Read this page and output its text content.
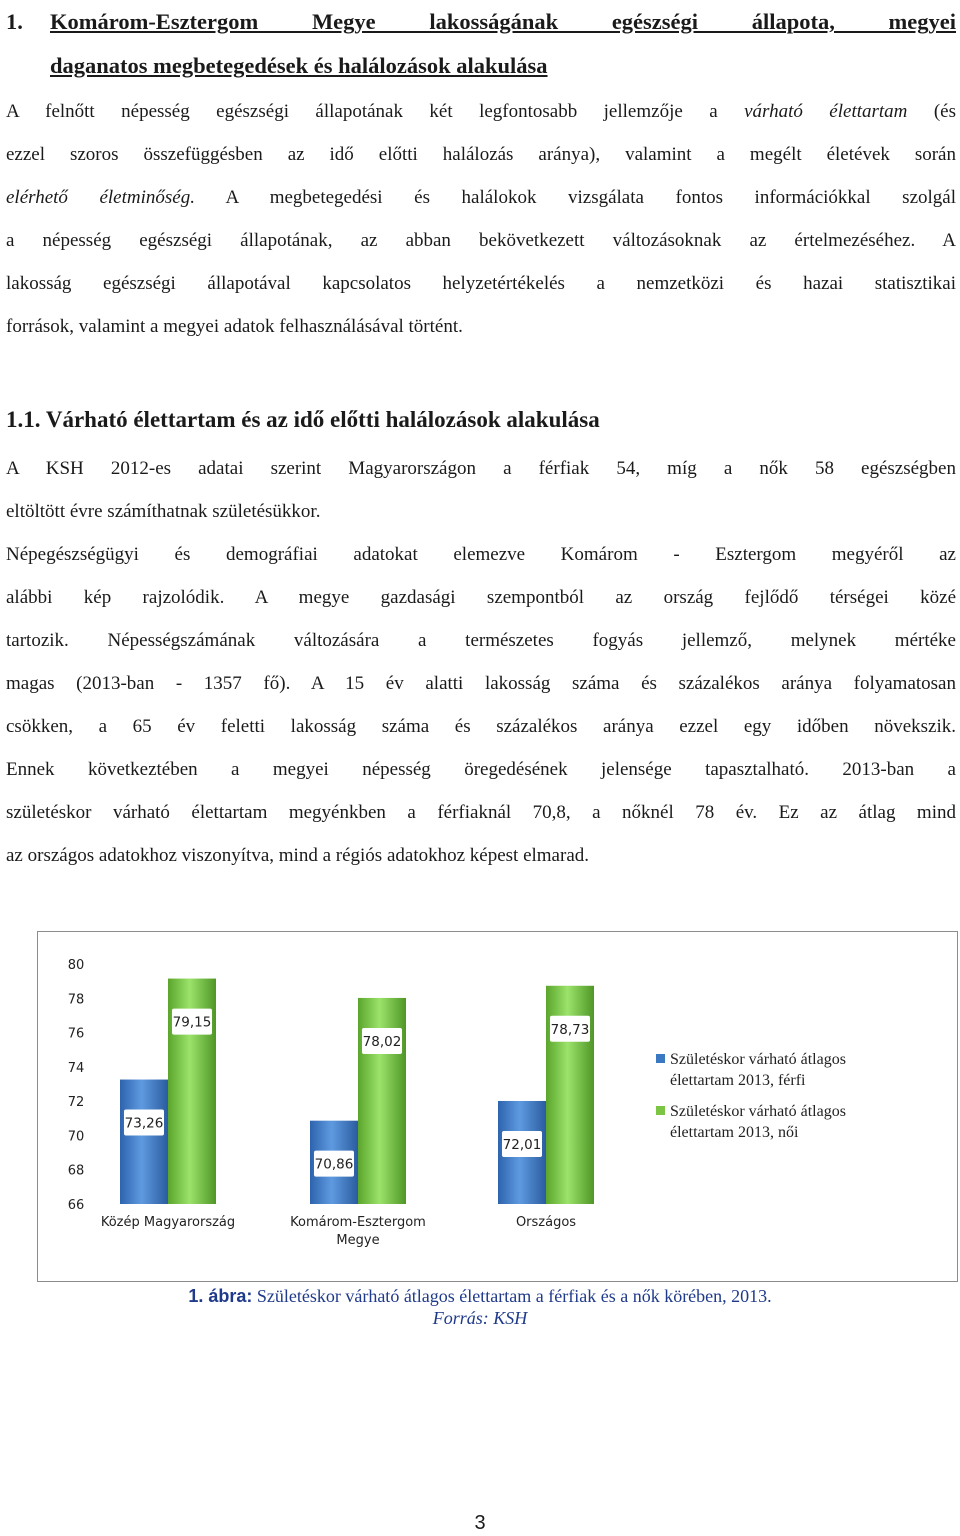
1. Komárom-Esztergom Megye lakosságának egészségi állapota, megyei
daganatos megbetegedések és halálozások alakulása
A felnőtt népesség egészségi állapotának két legfontosabb jellemzője a várható élettartam (és
ezzel szoros összefüggésben az idő előtti halálozás aránya), valamint a megélt életévek során
elérhető életminőség. A megbetegedési és halálokok vizsgálata fontos információkkal szolgál
a népesség egészségi állapotának, az abban bekövetkezett változásoknak az értelmezéséhez. A
lakosság egészségi állapotával kapcsolatos helyzetértékelés a nemzetközi és hazai statisztikai
források, valamint a megyei adatok felhasználásával történt.
1.1. Várható élettartam és az idő előtti halálozások alakulása
A KSH 2012-es adatai szerint Magyarországon a férfiak 54, míg a nők 58 egészségben
eltöltött évre számíthatnak születésükkor.
Népegészségügyi és demográfiai adatokat elemezve Komárom - Esztergom megyéről az
alábbi kép rajzolódik. A megye gazdasági szempontból az ország fejlődő térségei közé
tartozik. Népességszámának változására a természetes fogyás jellemző, melynek mértéke
magas (2013-ban - 1357 fő). A 15 év alatti lakosság száma és százalékos aránya folyamatosan
csökken, a 65 év feletti lakosság száma és százalékos aránya ezzel egy időben növekszik.
Ennek következtében a megyei népesség öregedésének jelensége tapasztalható. 2013-ban a
születéskor várható élettartam megyénkben a férfiaknál 70,8, a nőknél 78 év. Ez az átlag mind
az országos adatokhoz viszonyítva, mind a régiós adatokhoz képest elmarad.
80
78
76
74
72
70
68
66
73,26
79,15
70,86
78,02
72,01
78,73
Közép Magyarország	Komárom-Esztergom
Megye
Országos
Születéskor várható átlagos
élettartam 2013, férfi
Születéskor várható átlagos
élettartam 2013, női
1. ábra: Születéskor várható átlagos élettartam a férfiak és a nők körében, 2013.
Forrás: KSH
3
